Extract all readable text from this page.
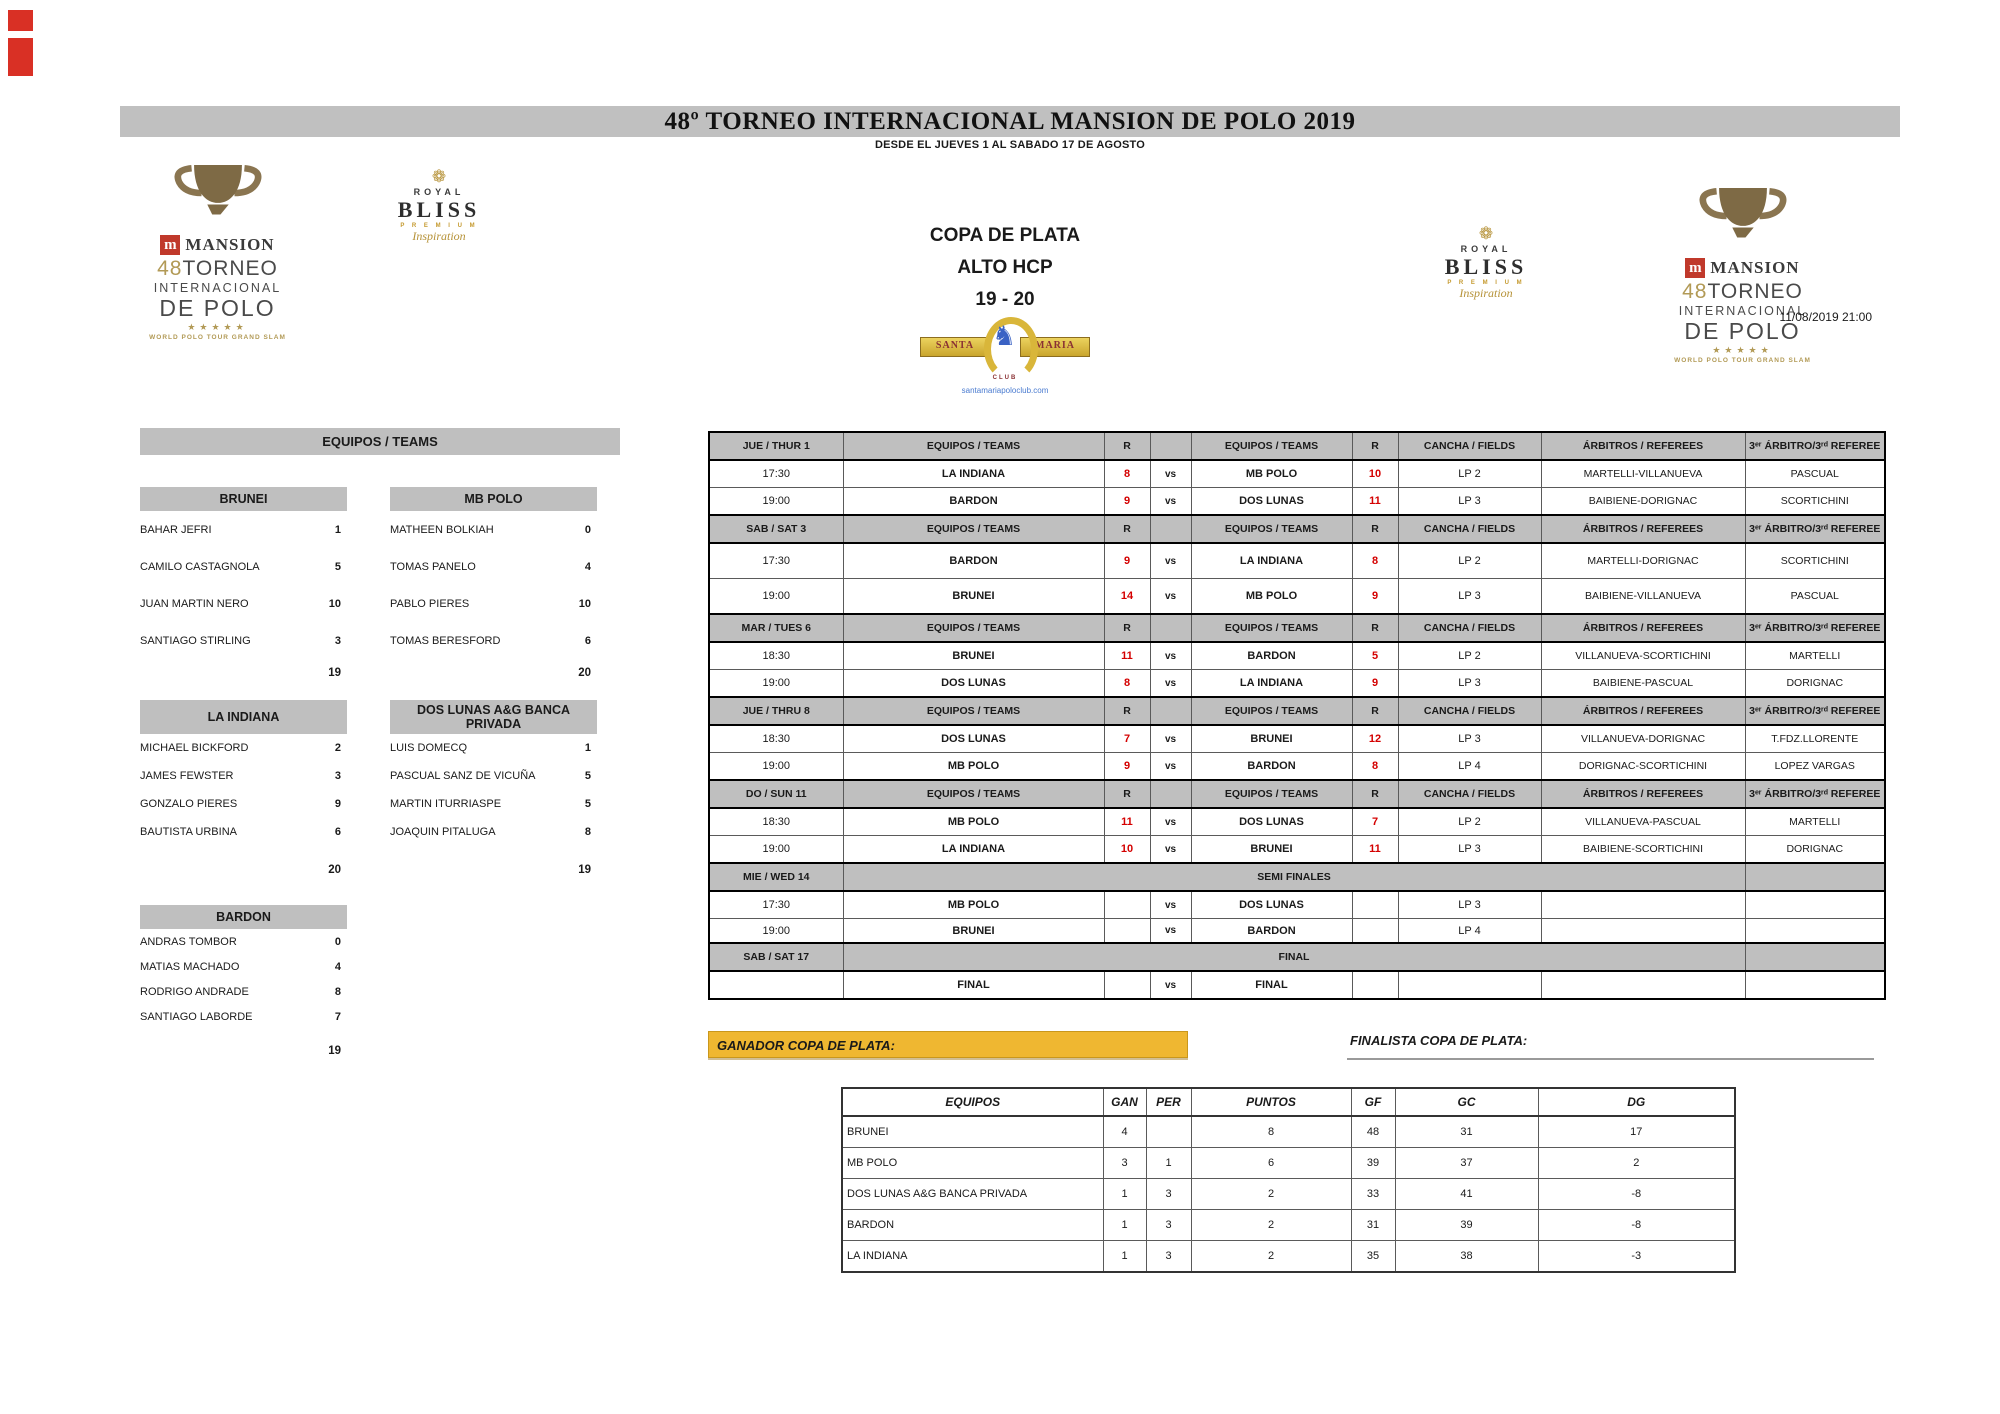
48º TORNEO INTERNACIONAL MANSION DE POLO 2019
DESDE EL JUEVES 1 AL SABADO 17 DE AGOSTO
m MANSION
48TORNEO
INTERNACIONAL
DE POLO
★★★★★
WORLD POLO TOUR GRAND SLAM
❁
ROYAL
BLISS
P R E M I U M
Inspiration	COPA DE PLATA
ALTO HCP
19 - 20
SANTA	MARIA
♞
CLUB
santamariapoloclub.com
❁
ROYAL
BLISS
P R E M I U M
Inspiration
m MANSION
48TORNEO
INTERNACIONAL
DE POLO
★★★★★
WORLD POLO TOUR GRAND SLAM
11/08/2019 21:00
EQUIPOS / TEAMS
BRUNEI
BAHAR JEFRI	1
CAMILO CASTAGNOLA	5
JUAN MARTIN NERO	10
SANTIAGO STIRLING	3
19
MB POLO
MATHEEN BOLKIAH	0
TOMAS PANELO	4
PABLO PIERES	10
TOMAS BERESFORD	6
20
LA INDIANA
MICHAEL BICKFORD	2
JAMES FEWSTER	3
GONZALO PIERES	9
BAUTISTA URBINA	6
20
DOS LUNAS A&G BANCA PRIVADA
LUIS DOMECQ	1
PASCUAL SANZ DE VICUÑA	5
MARTIN ITURRIASPE	5
JOAQUIN PITALUGA	8
19
BARDON
ANDRAS TOMBOR	0
MATIAS MACHADO	4
RODRIGO ANDRADE	8
SANTIAGO LABORDE	7
19
JUE / THUR 1	EQUIPOS / TEAMS	R		EQUIPOS / TEAMS	R	CANCHA / FIELDS	ÁRBITROS / REFEREES	3ᵉʳ ÁRBITRO/3ʳᵈ REFEREE
17:30	LA INDIANA	8	vs	MB POLO	10	LP 2	MARTELLI-VILLANUEVA	PASCUAL
19:00	BARDON	9	vs	DOS LUNAS	11	LP 3	BAIBIENE-DORIGNAC	SCORTICHINI
SAB / SAT 3	EQUIPOS / TEAMS	R		EQUIPOS / TEAMS	R	CANCHA / FIELDS	ÁRBITROS / REFEREES	3ᵉʳ ÁRBITRO/3ʳᵈ REFEREE
17:30	BARDON	9	vs	LA INDIANA	8	LP 2	MARTELLI-DORIGNAC	SCORTICHINI
19:00	BRUNEI	14	vs	MB POLO	9	LP 3	BAIBIENE-VILLANUEVA	PASCUAL
MAR / TUES 6	EQUIPOS / TEAMS	R		EQUIPOS / TEAMS	R	CANCHA / FIELDS	ÁRBITROS / REFEREES	3ᵉʳ ÁRBITRO/3ʳᵈ REFEREE
18:30	BRUNEI	11	vs	BARDON	5	LP 2	VILLANUEVA-SCORTICHINI	MARTELLI
19:00	DOS LUNAS	8	vs	LA INDIANA	9	LP 3	BAIBIENE-PASCUAL	DORIGNAC
JUE / THRU 8	EQUIPOS / TEAMS	R		EQUIPOS / TEAMS	R	CANCHA / FIELDS	ÁRBITROS / REFEREES	3ᵉʳ ÁRBITRO/3ʳᵈ REFEREE
18:30	DOS LUNAS	7	vs	BRUNEI	12	LP 3	VILLANUEVA-DORIGNAC	T.FDZ.LLORENTE
19:00	MB POLO	9	vs	BARDON	8	LP 4	DORIGNAC-SCORTICHINI	LOPEZ VARGAS
DO / SUN 11	EQUIPOS / TEAMS	R		EQUIPOS / TEAMS	R	CANCHA / FIELDS	ÁRBITROS / REFEREES	3ᵉʳ ÁRBITRO/3ʳᵈ REFEREE
18:30	MB POLO	11	vs	DOS LUNAS	7	LP 2	VILLANUEVA-PASCUAL	MARTELLI
19:00	LA INDIANA	10	vs	BRUNEI	11	LP 3	BAIBIENE-SCORTICHINI	DORIGNAC
MIE / WED 14	SEMI FINALES							
17:30	MB POLO		vs	DOS LUNAS		LP 3		
19:00	BRUNEI		vs	BARDON		LP 4		
SAB / SAT 17	FINAL							
	FINAL		vs	FINAL				
GANADOR COPA DE PLATA:	FINALISTA COPA DE PLATA:
EQUIPOS	GAN	PER	PUNTOS	GF	GC	DG
BRUNEI	4		8	48	31	17
MB POLO	3	1	6	39	37	2
DOS LUNAS A&G BANCA PRIVADA	1	3	2	33	41	-8
BARDON	1	3	2	31	39	-8
LA INDIANA	1	3	2	35	38	-3
